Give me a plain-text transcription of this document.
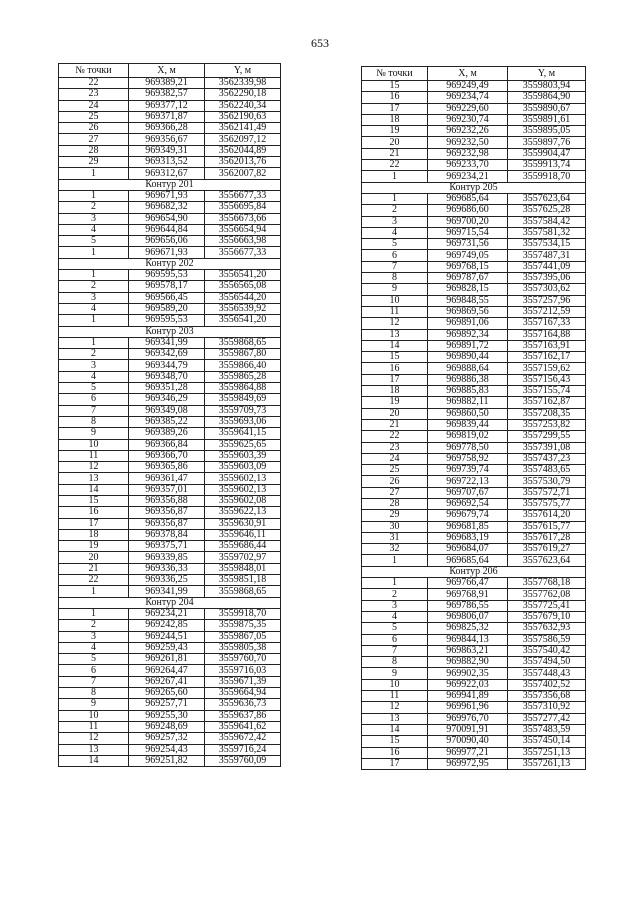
653
№ точки	X, м	Y, м
22	969389,21	3562339,98
23	969382,57	3562290,18
24	969377,12	3562240,34
25	969371,87	3562190,63
26	969366,28	3562141,49
27	969356,67	3562097,12
28	969349,31	3562044,89
29	969313,52	3562013,76
1	969312,67	3562007,82
Контур 201		
1	969671,93	3556677,33
2	969682,32	3556695,84
3	969654,90	3556673,66
4	969644,84	3556654,94
5	969656,06	3556663,98
1	969671,93	3556677,33
Контур 202		
1	969595,53	3556541,20
2	969578,17	3556565,08
3	969566,45	3556544,20
4	969589,20	3556539,92
1	969595,53	3556541,20
Контур 203		
1	969341,99	3559868,65
2	969342,69	3559867,80
3	969344,79	3559866,40
4	969348,70	3559865,28
5	969351,28	3559864,88
6	969346,29	3559849,69
7	969349,08	3559709,73
8	969385,22	3559693,06
9	969389,26	3559641,15
10	969366,84	3559625,65
11	969366,70	3559603,39
12	969365,86	3559603,09
13	969361,47	3559602,13
14	969357,01	3559602,13
15	969356,88	3559602,08
16	969356,87	3559622,13
17	969356,87	3559630,91
18	969378,84	3559646,11
19	969375,71	3559686,44
20	969339,85	3559702,97
21	969336,33	3559848,01
22	969336,25	3559851,18
1	969341,99	3559868,65
Контур 204		
1	969234,21	3559918,70
2	969242,85	3559875,35
3	969244,51	3559867,05
4	969259,43	3559805,38
5	969261,81	3559760,70
6	969264,47	3559716,03
7	969267,41	3559671,39
8	969265,60	3559664,94
9	969257,71	3559636,73
10	969255,30	3559637,86
11	969248,69	3559641,62
12	969257,32	3559672,42
13	969254,43	3559716,24
14	969251,82	3559760,09
№ точки	X, м	Y, м
15	969249,49	3559803,94
16	969234,74	3559864,90
17	969229,60	3559890,67
18	969230,74	3559891,61
19	969232,26	3559895,05
20	969232,50	3559897,76
21	969232,98	3559904,47
22	969233,70	3559913,74
1	969234,21	3559918,70
Контур 205		
1	969685,64	3557623,64
2	969686,60	3557625,28
3	969700,20	3557584,42
4	969715,54	3557581,32
5	969731,56	3557534,15
6	969749,05	3557487,31
7	969768,15	3557441,09
8	969787,67	3557395,06
9	969828,15	3557303,62
10	969848,55	3557257,96
11	969869,56	3557212,59
12	969891,06	3557167,33
13	969892,34	3557164,88
14	969891,72	3557163,91
15	969890,44	3557162,17
16	969888,64	3557159,62
17	969886,38	3557156,43
18	969885,83	3557155,74
19	969882,11	3557162,87
20	969860,50	3557208,35
21	969839,44	3557253,82
22	969819,02	3557299,55
23	969778,50	3557391,08
24	969758,92	3557437,23
25	969739,74	3557483,65
26	969722,13	3557530,79
27	969707,67	3557572,71
28	969692,54	3557575,77
29	969679,74	3557614,20
30	969681,85	3557615,77
31	969683,19	3557617,28
32	969684,07	3557619,27
1	969685,64	3557623,64
Контур 206		
1	969766,47	3557768,18
2	969768,91	3557762,08
3	969786,55	3557725,41
4	969806,07	3557679,10
5	969825,32	3557632,93
6	969844,13	3557586,59
7	969863,21	3557540,42
8	969882,90	3557494,50
9	969902,35	3557448,43
10	969922,03	3557402,52
11	969941,89	3557356,68
12	969961,96	3557310,92
13	969976,70	3557277,42
14	970091,91	3557483,59
15	970090,40	3557450,14
16	969977,21	3557251,13
17	969972,95	3557261,13
